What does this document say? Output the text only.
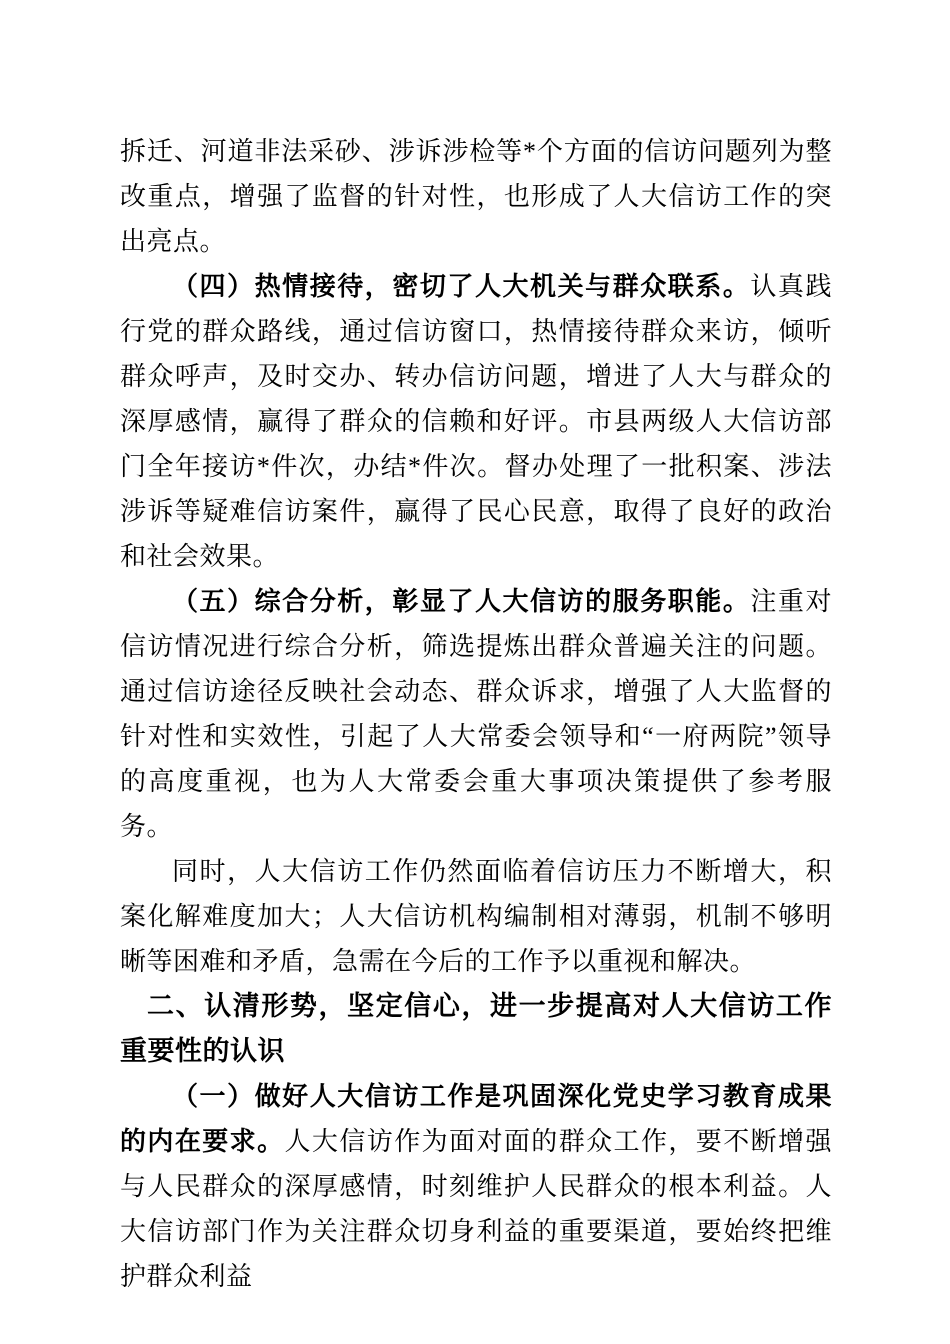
拆迁、河道非法采砂、涉诉涉检等*个方面的信访问题列为整改重点，增强了监督的针对性，也形成了人大信访工作的突出亮点。

（四）热情接待，密切了人大机关与群众联系。认真践行党的群众路线，通过信访窗口，热情接待群众来访，倾听群众呼声，及时交办、转办信访问题，增进了人大与群众的深厚感情，赢得了群众的信赖和好评。市县两级人大信访部门全年接访*件次，办结*件次。督办处理了一批积案、涉法涉诉等疑难信访案件，赢得了民心民意，取得了良好的政治和社会效果。

（五）综合分析，彰显了人大信访的服务职能。注重对信访情况进行综合分析，筛选提炼出群众普遍关注的问题。通过信访途径反映社会动态、群众诉求，增强了人大监督的针对性和实效性，引起了人大常委会领导和“一府两院”领导的高度重视，也为人大常委会重大事项决策提供了参考服务。

同时，人大信访工作仍然面临着信访压力不断增大，积案化解难度加大；人大信访机构编制相对薄弱，机制不够明晰等困难和矛盾，急需在今后的工作予以重视和解决。

二、认清形势，坚定信心，进一步提高对人大信访工作重要性的认识

（一）做好人大信访工作是巩固深化党史学习教育成果的内在要求。人大信访作为面对面的群众工作，要不断增强与人民群众的深厚感情，时刻维护人民群众的根本利益。人大信访部门作为关注群众切身利益的重要渠道，要始终把维护群众利益
